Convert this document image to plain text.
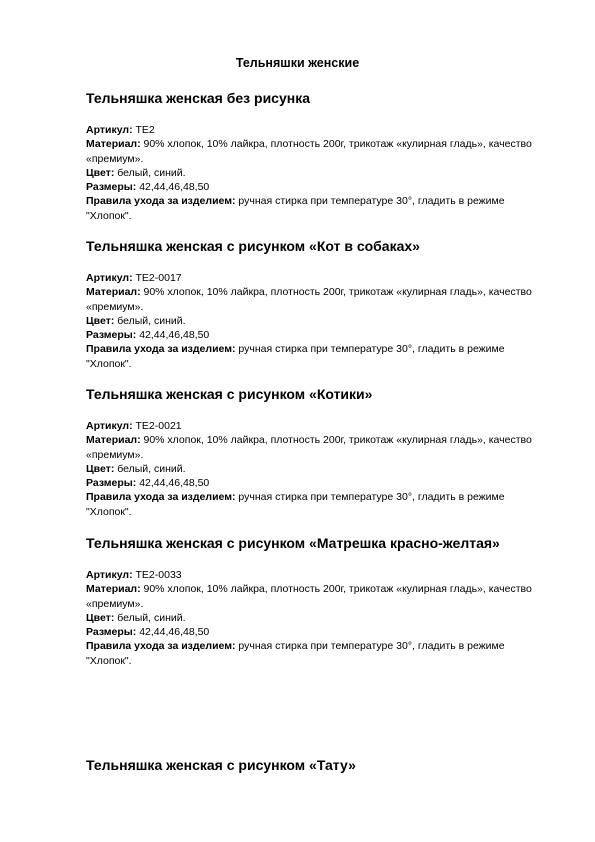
Тельняшки женские
Тельняшка женская без рисунка

Артикул: TE2

Материал: 90% хлопок, 10% лайкра, плотность 200г, трикотаж «кулирная гладь», качество «премиум».

Цвет: белый, синий.

Размеры: 42,44,46,48,50

Правила ухода за изделием: ручная стирка при температуре 30°, гладить в режиме "Хлопок".

Тельняшка женская с рисунком «Кот в собаках»

Артикул: TE2-0017

Материал: 90% хлопок, 10% лайкра, плотность 200г, трикотаж «кулирная гладь», качество «премиум».

Цвет: белый, синий.

Размеры: 42,44,46,48,50

Правила ухода за изделием: ручная стирка при температуре 30°, гладить в режиме "Хлопок".

Тельняшка женская с рисунком «Котики»

Артикул: TE2-0021

Материал: 90% хлопок, 10% лайкра, плотность 200г, трикотаж «кулирная гладь», качество «премиум».

Цвет: белый, синий.

Размеры: 42,44,46,48,50

Правила ухода за изделием: ручная стирка при температуре 30°, гладить в режиме "Хлопок".

Тельняшка женская с рисунком «Матрешка красно-желтая»

Артикул: TE2-0033

Материал: 90% хлопок, 10% лайкра, плотность 200г, трикотаж «кулирная гладь», качество «премиум».

Цвет: белый, синий.

Размеры: 42,44,46,48,50

Правила ухода за изделием: ручная стирка при температуре 30°, гладить в режиме "Хлопок".

Тельняшка женская с рисунком «Тату»
